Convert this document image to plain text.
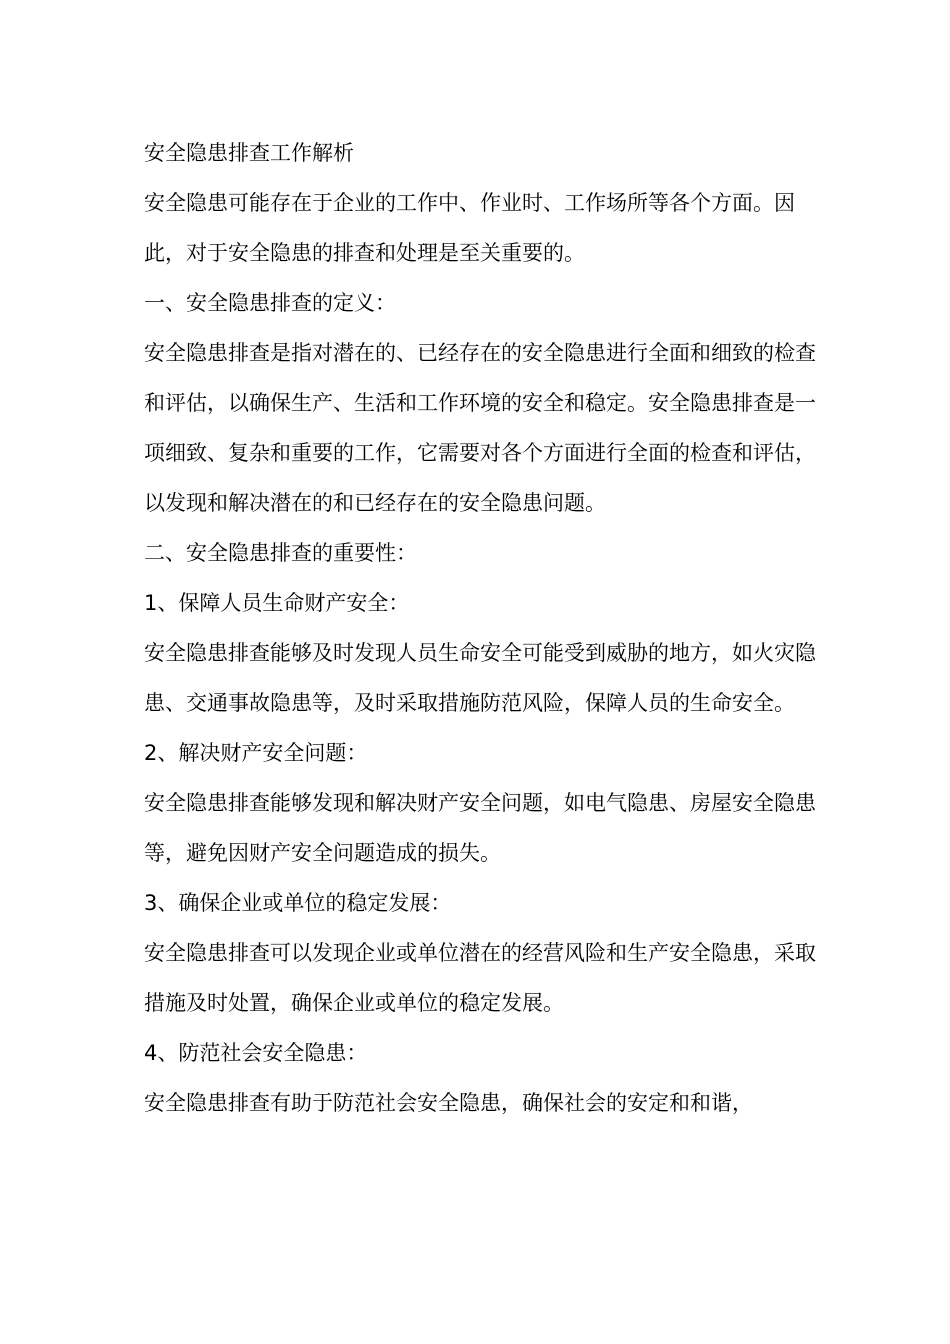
安全隐患排查工作解析

安全隐患可能存在于企业的工作中、作业时、工作场所等各个方面。因此，对于安全隐患的排查和处理是至关重要的。

一、安全隐患排查的定义：

安全隐患排查是指对潜在的、已经存在的安全隐患进行全面和细致的检查和评估，以确保生产、生活和工作环境的安全和稳定。安全隐患排查是一项细致、复杂和重要的工作，它需要对各个方面进行全面的检查和评估，以发现和解决潜在的和已经存在的安全隐患问题。

二、安全隐患排查的重要性：

1、保障人员生命财产安全：

安全隐患排查能够及时发现人员生命安全可能受到威胁的地方，如火灾隐患、交通事故隐患等，及时采取措施防范风险，保障人员的生命安全。

2、解决财产安全问题：

安全隐患排查能够发现和解决财产安全问题，如电气隐患、房屋安全隐患等，避免因财产安全问题造成的损失。

3、确保企业或单位的稳定发展：

安全隐患排查可以发现企业或单位潜在的经营风险和生产安全隐患，采取措施及时处置，确保企业或单位的稳定发展。

4、防范社会安全隐患：

安全隐患排查有助于防范社会安全隐患，确保社会的安定和和谐，
